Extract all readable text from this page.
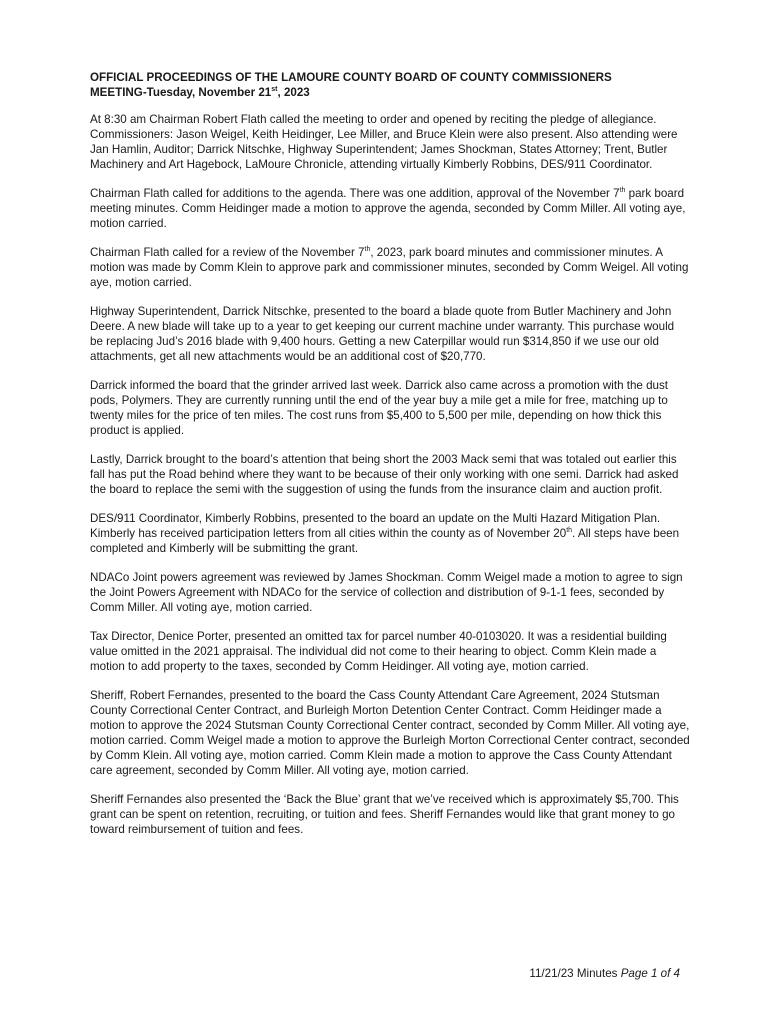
OFFICIAL PROCEEDINGS OF THE LAMOURE COUNTY BOARD OF COUNTY COMMISSIONERS
MEETING-Tuesday, November 21st, 2023

At 8:30 am Chairman Robert Flath called the meeting to order and opened by reciting the pledge of allegiance. Commissioners: Jason Weigel, Keith Heidinger, Lee Miller, and Bruce Klein were also present. Also attending were Jan Hamlin, Auditor; Darrick Nitschke, Highway Superintendent; James Shockman, States Attorney; Trent, Butler Machinery and Art Hagebock, LaMoure Chronicle, attending virtually Kimberly Robbins, DES/911 Coordinator.

Chairman Flath called for additions to the agenda. There was one addition, approval of the November 7th park board meeting minutes. Comm Heidinger made a motion to approve the agenda, seconded by Comm Miller. All voting aye, motion carried.

Chairman Flath called for a review of the November 7th, 2023, park board minutes and commissioner minutes. A motion was made by Comm Klein to approve park and commissioner minutes, seconded by Comm Weigel. All voting aye, motion carried.

Highway Superintendent, Darrick Nitschke, presented to the board a blade quote from Butler Machinery and John Deere. A new blade will take up to a year to get keeping our current machine under warranty. This purchase would be replacing Jud’s 2016 blade with 9,400 hours. Getting a new Caterpillar would run $314,850 if we use our old attachments, get all new attachments would be an additional cost of $20,770.

Darrick informed the board that the grinder arrived last week. Darrick also came across a promotion with the dust pods, Polymers. They are currently running until the end of the year buy a mile get a mile for free, matching up to twenty miles for the price of ten miles. The cost runs from $5,400 to 5,500 per mile, depending on how thick this product is applied.

Lastly, Darrick brought to the board’s attention that being short the 2003 Mack semi that was totaled out earlier this fall has put the Road behind where they want to be because of their only working with one semi. Darrick had asked the board to replace the semi with the suggestion of using the funds from the insurance claim and auction profit.

DES/911 Coordinator, Kimberly Robbins, presented to the board an update on the Multi Hazard Mitigation Plan. Kimberly has received participation letters from all cities within the county as of November 20th. All steps have been completed and Kimberly will be submitting the grant.

NDACo Joint powers agreement was reviewed by James Shockman. Comm Weigel made a motion to agree to sign the Joint Powers Agreement with NDACo for the service of collection and distribution of 9-1-1 fees, seconded by Comm Miller. All voting aye, motion carried.

Tax Director, Denice Porter, presented an omitted tax for parcel number 40-0103020. It was a residential building value omitted in the 2021 appraisal. The individual did not come to their hearing to object. Comm Klein made a motion to add property to the taxes, seconded by Comm Heidinger. All voting aye, motion carried.

Sheriff, Robert Fernandes, presented to the board the Cass County Attendant Care Agreement, 2024 Stutsman County Correctional Center Contract, and Burleigh Morton Detention Center Contract. Comm Heidinger made a motion to approve the 2024 Stutsman County Correctional Center contract, seconded by Comm Miller. All voting aye, motion carried. Comm Weigel made a motion to approve the Burleigh Morton Correctional Center contract, seconded by Comm Klein. All voting aye, motion carried. Comm Klein made a motion to approve the Cass County Attendant care agreement, seconded by Comm Miller. All voting aye, motion carried.

Sheriff Fernandes also presented the ‘Back the Blue’ grant that we’ve received which is approximately $5,700. This grant can be spent on retention, recruiting, or tuition and fees. Sheriff Fernandes would like that grant money to go toward reimbursement of tuition and fees.

11/21/23 Minutes Page 1 of 4
